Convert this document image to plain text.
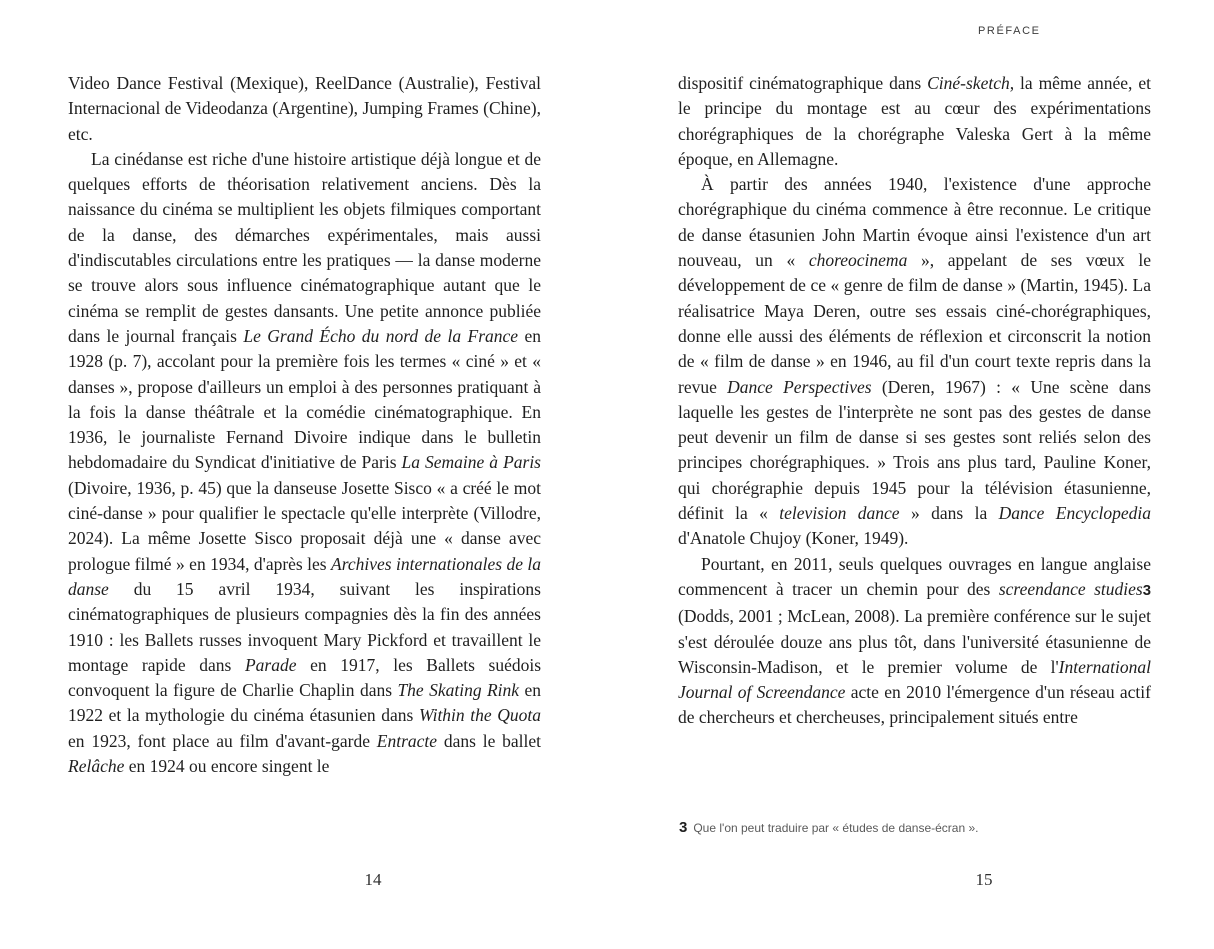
PRÉFACE

Video Dance Festival (Mexique), ReelDance (Australie), Festival Internacional de Videodanza (Argentine), Jumping Frames (Chine), etc.

La cinédanse est riche d'une histoire artistique déjà longue et de quelques efforts de théorisation relativement anciens. Dès la naissance du cinéma se multiplient les objets filmiques comportant de la danse, des démarches expérimentales, mais aussi d'indiscutables circulations entre les pratiques — la danse moderne se trouve alors sous influence cinématographique autant que le cinéma se remplit de gestes dansants. Une petite annonce publiée dans le journal français Le Grand Écho du nord de la France en 1928 (p. 7), accolant pour la première fois les termes « ciné » et « danses », propose d'ailleurs un emploi à des personnes pratiquant à la fois la danse théâtrale et la comédie cinématographique. En 1936, le journaliste Fernand Divoire indique dans le bulletin hebdomadaire du Syndicat d'initiative de Paris La Semaine à Paris (Divoire, 1936, p. 45) que la danseuse Josette Sisco « a créé le mot ciné-danse » pour qualifier le spectacle qu'elle interprète (Villodre, 2024). La même Josette Sisco proposait déjà une « danse avec prologue filmé » en 1934, d'après les Archives internationales de la danse du 15 avril 1934, suivant les inspirations cinématographiques de plusieurs compagnies dès la fin des années 1910 : les Ballets russes invoquent Mary Pickford et travaillent le montage rapide dans Parade en 1917, les Ballets suédois convoquent la figure de Charlie Chaplin dans The Skating Rink en 1922 et la mythologie du cinéma étasunien dans Within the Quota en 1923, font place au film d'avant-garde Entracte dans le ballet Relâche en 1924 ou encore singent le

dispositif cinématographique dans Ciné-sketch, la même année, et le principe du montage est au cœur des expérimentations chorégraphiques de la chorégraphe Valeska Gert à la même époque, en Allemagne.

À partir des années 1940, l'existence d'une approche chorégraphique du cinéma commence à être reconnue. Le critique de danse étasunien John Martin évoque ainsi l'existence d'un art nouveau, un « choreocinema », appelant de ses vœux le développement de ce « genre de film de danse » (Martin, 1945). La réalisatrice Maya Deren, outre ses essais ciné-chorégraphiques, donne elle aussi des éléments de réflexion et circonscrit la notion de « film de danse » en 1946, au fil d'un court texte repris dans la revue Dance Perspectives (Deren, 1967) : « Une scène dans laquelle les gestes de l'interprète ne sont pas des gestes de danse peut devenir un film de danse si ses gestes sont reliés selon des principes chorégraphiques. » Trois ans plus tard, Pauline Koner, qui chorégraphie depuis 1945 pour la télévision étasunienne, définit la « television dance » dans la Dance Encyclopedia d'Anatole Chujoy (Koner, 1949).

Pourtant, en 2011, seuls quelques ouvrages en langue anglaise commencent à tracer un chemin pour des screendance studies3 (Dodds, 2001 ; McLean, 2008). La première conférence sur le sujet s'est déroulée douze ans plus tôt, dans l'université étasunienne de Wisconsin-Madison, et le premier volume de l'International Journal of Screendance acte en 2010 l'émergence d'un réseau actif de chercheurs et chercheuses, principalement situés entre

3 Que l'on peut traduire par « études de danse-écran ».
14	15
